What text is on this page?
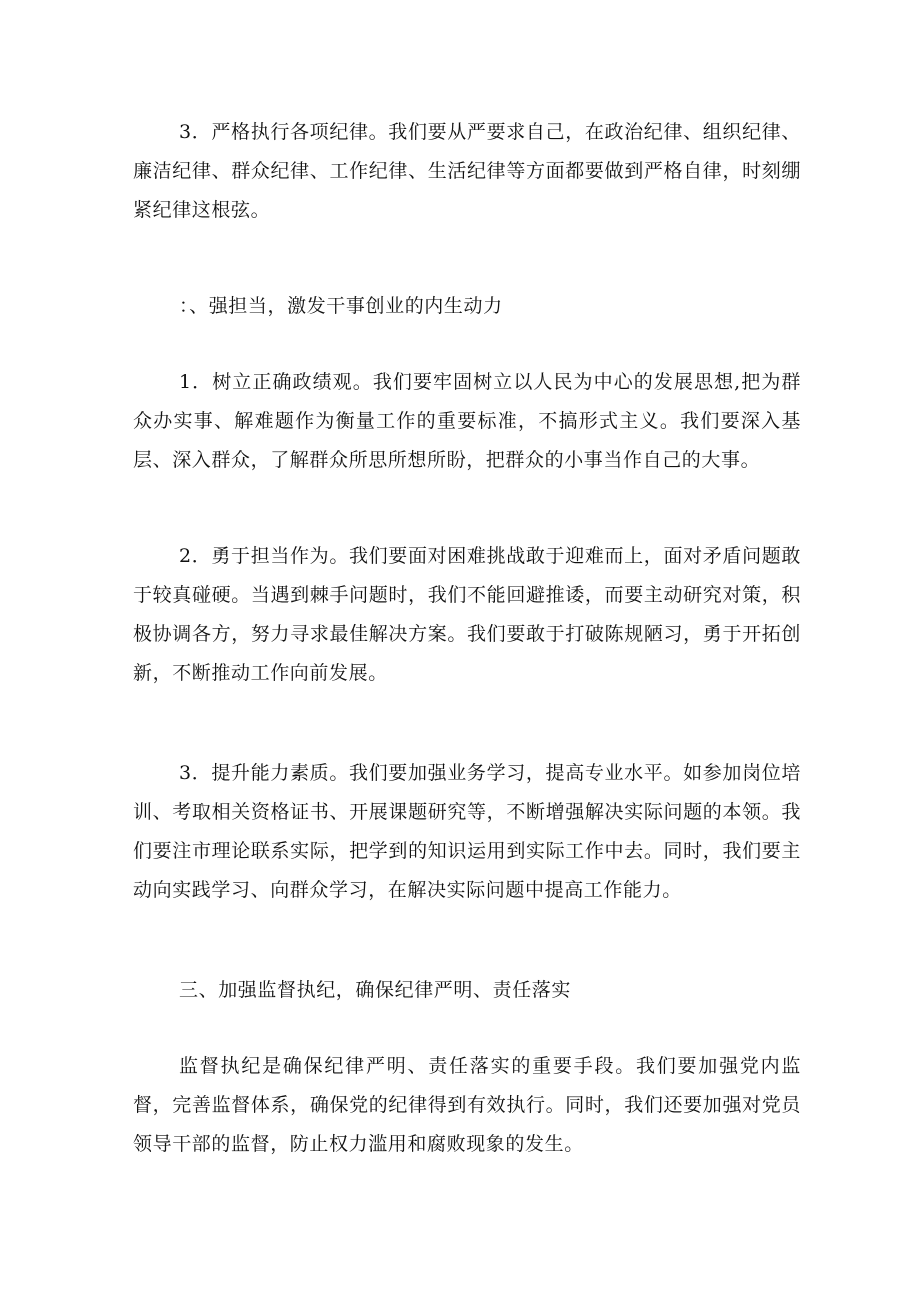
3．严格执行各项纪律。我们要从严要求自己，在政治纪律、组织纪律、廉洁纪律、群众纪律、工作纪律、生活纪律等方面都要做到严格自律，时刻绷紧纪律这根弦。

：、强担当，激发干事创业的内生动力

1．树立正确政绩观。我们要牢固树立以人民为中心的发展思想,把为群众办实事、解难题作为衡量工作的重要标准，不搞形式主义。我们要深入基层、深入群众，了解群众所思所想所盼，把群众的小事当作自己的大事。

2．勇于担当作为。我们要面对困难挑战敢于迎难而上，面对矛盾问题敢于较真碰硬。当遇到棘手问题时，我们不能回避推诿，而要主动研究对策，积极协调各方，努力寻求最佳解决方案。我们要敢于打破陈规陋习，勇于开拓创新，不断推动工作向前发展。

3．提升能力素质。我们要加强业务学习，提高专业水平。如参加岗位培训、考取相关资格证书、开展课题研究等，不断增强解决实际问题的本领。我们要注市理论联系实际，把学到的知识运用到实际工作中去。同时，我们要主动向实践学习、向群众学习，在解决实际问题中提高工作能力。

三、加强监督执纪，确保纪律严明、责任落实

监督执纪是确保纪律严明、责任落实的重要手段。我们要加强党内监督，完善监督体系，确保党的纪律得到有效执行。同时，我们还要加强对党员领导干部的监督，防止权力滥用和腐败现象的发生。
